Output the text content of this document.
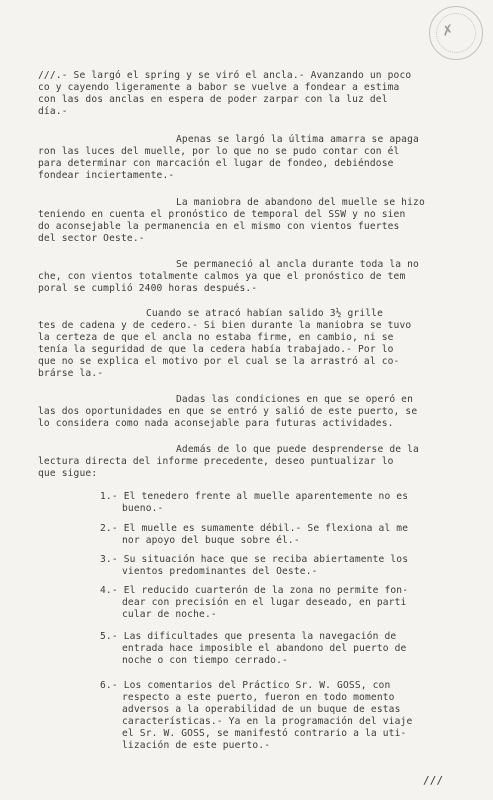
✗
///.- Se largó el spring y se viró el ancla.- Avanzando un poco
co y cayendo ligeramente a babor se vuelve a fondear a estima
con las dos anclas en espera de poder zarpar con la luz del
día.-
Apenas se largó la última amarra se apaga
ron las luces del muelle, por lo que no se pudo contar con él
para determinar con marcación el lugar de fondeo, debiéndose
fondear inciertamente.-
La maniobra de abandono del muelle se hizo
teniendo en cuenta el pronóstico de temporal del SSW y no sien
do aconsejable la permanencia en el mismo con vientos fuertes
del sector Oeste.-
Se permaneció al ancla durante toda la no
che, con vientos totalmente calmos ya que el pronóstico de tem
poral se cumplió 2400 horas después.-
Cuando se atracó habían salido 3½ grille
tes de cadena y de cedero.- Si bien durante la maniobra se tuvo
la certeza de que el ancla no estaba firme, en cambio, ni se
tenía la seguridad de que la cedera había trabajado.- Por lo
que no se explica el motivo por el cual se la arrastró al co-
brárse la.-
Dadas las condiciones en que se operó en
las dos oportunidades en que se entró y salió de este puerto, se
lo considera como nada aconsejable para futuras actividades.
Además de lo que puede desprenderse de la
lectura directa del informe precedente, deseo puntualizar lo
que sigue:
1.- El tenedero frente al muelle aparentemente no es
bueno.-
2.- El muelle es sumamente débil.- Se flexiona al me
nor apoyo del buque sobre él.-
3.- Su situación hace que se reciba abiertamente los
vientos predominantes del Oeste.-
4.- El reducido cuarterón de la zona no permite fon-
dear con precisión en el lugar deseado, en parti
cular de noche.-
5.- Las dificultades que presenta la navegación de
entrada hace imposible el abandono del puerto de
noche o con tiempo cerrado.-
6.- Los comentarios del Práctico Sr. W. GOSS, con
respecto a este puerto, fueron en todo momento
adversos a la operabilidad de un buque de estas
características.- Ya en la programación del viaje
el Sr. W. GOSS, se manifestó contrario a la uti-
lización de este puerto.-
///
